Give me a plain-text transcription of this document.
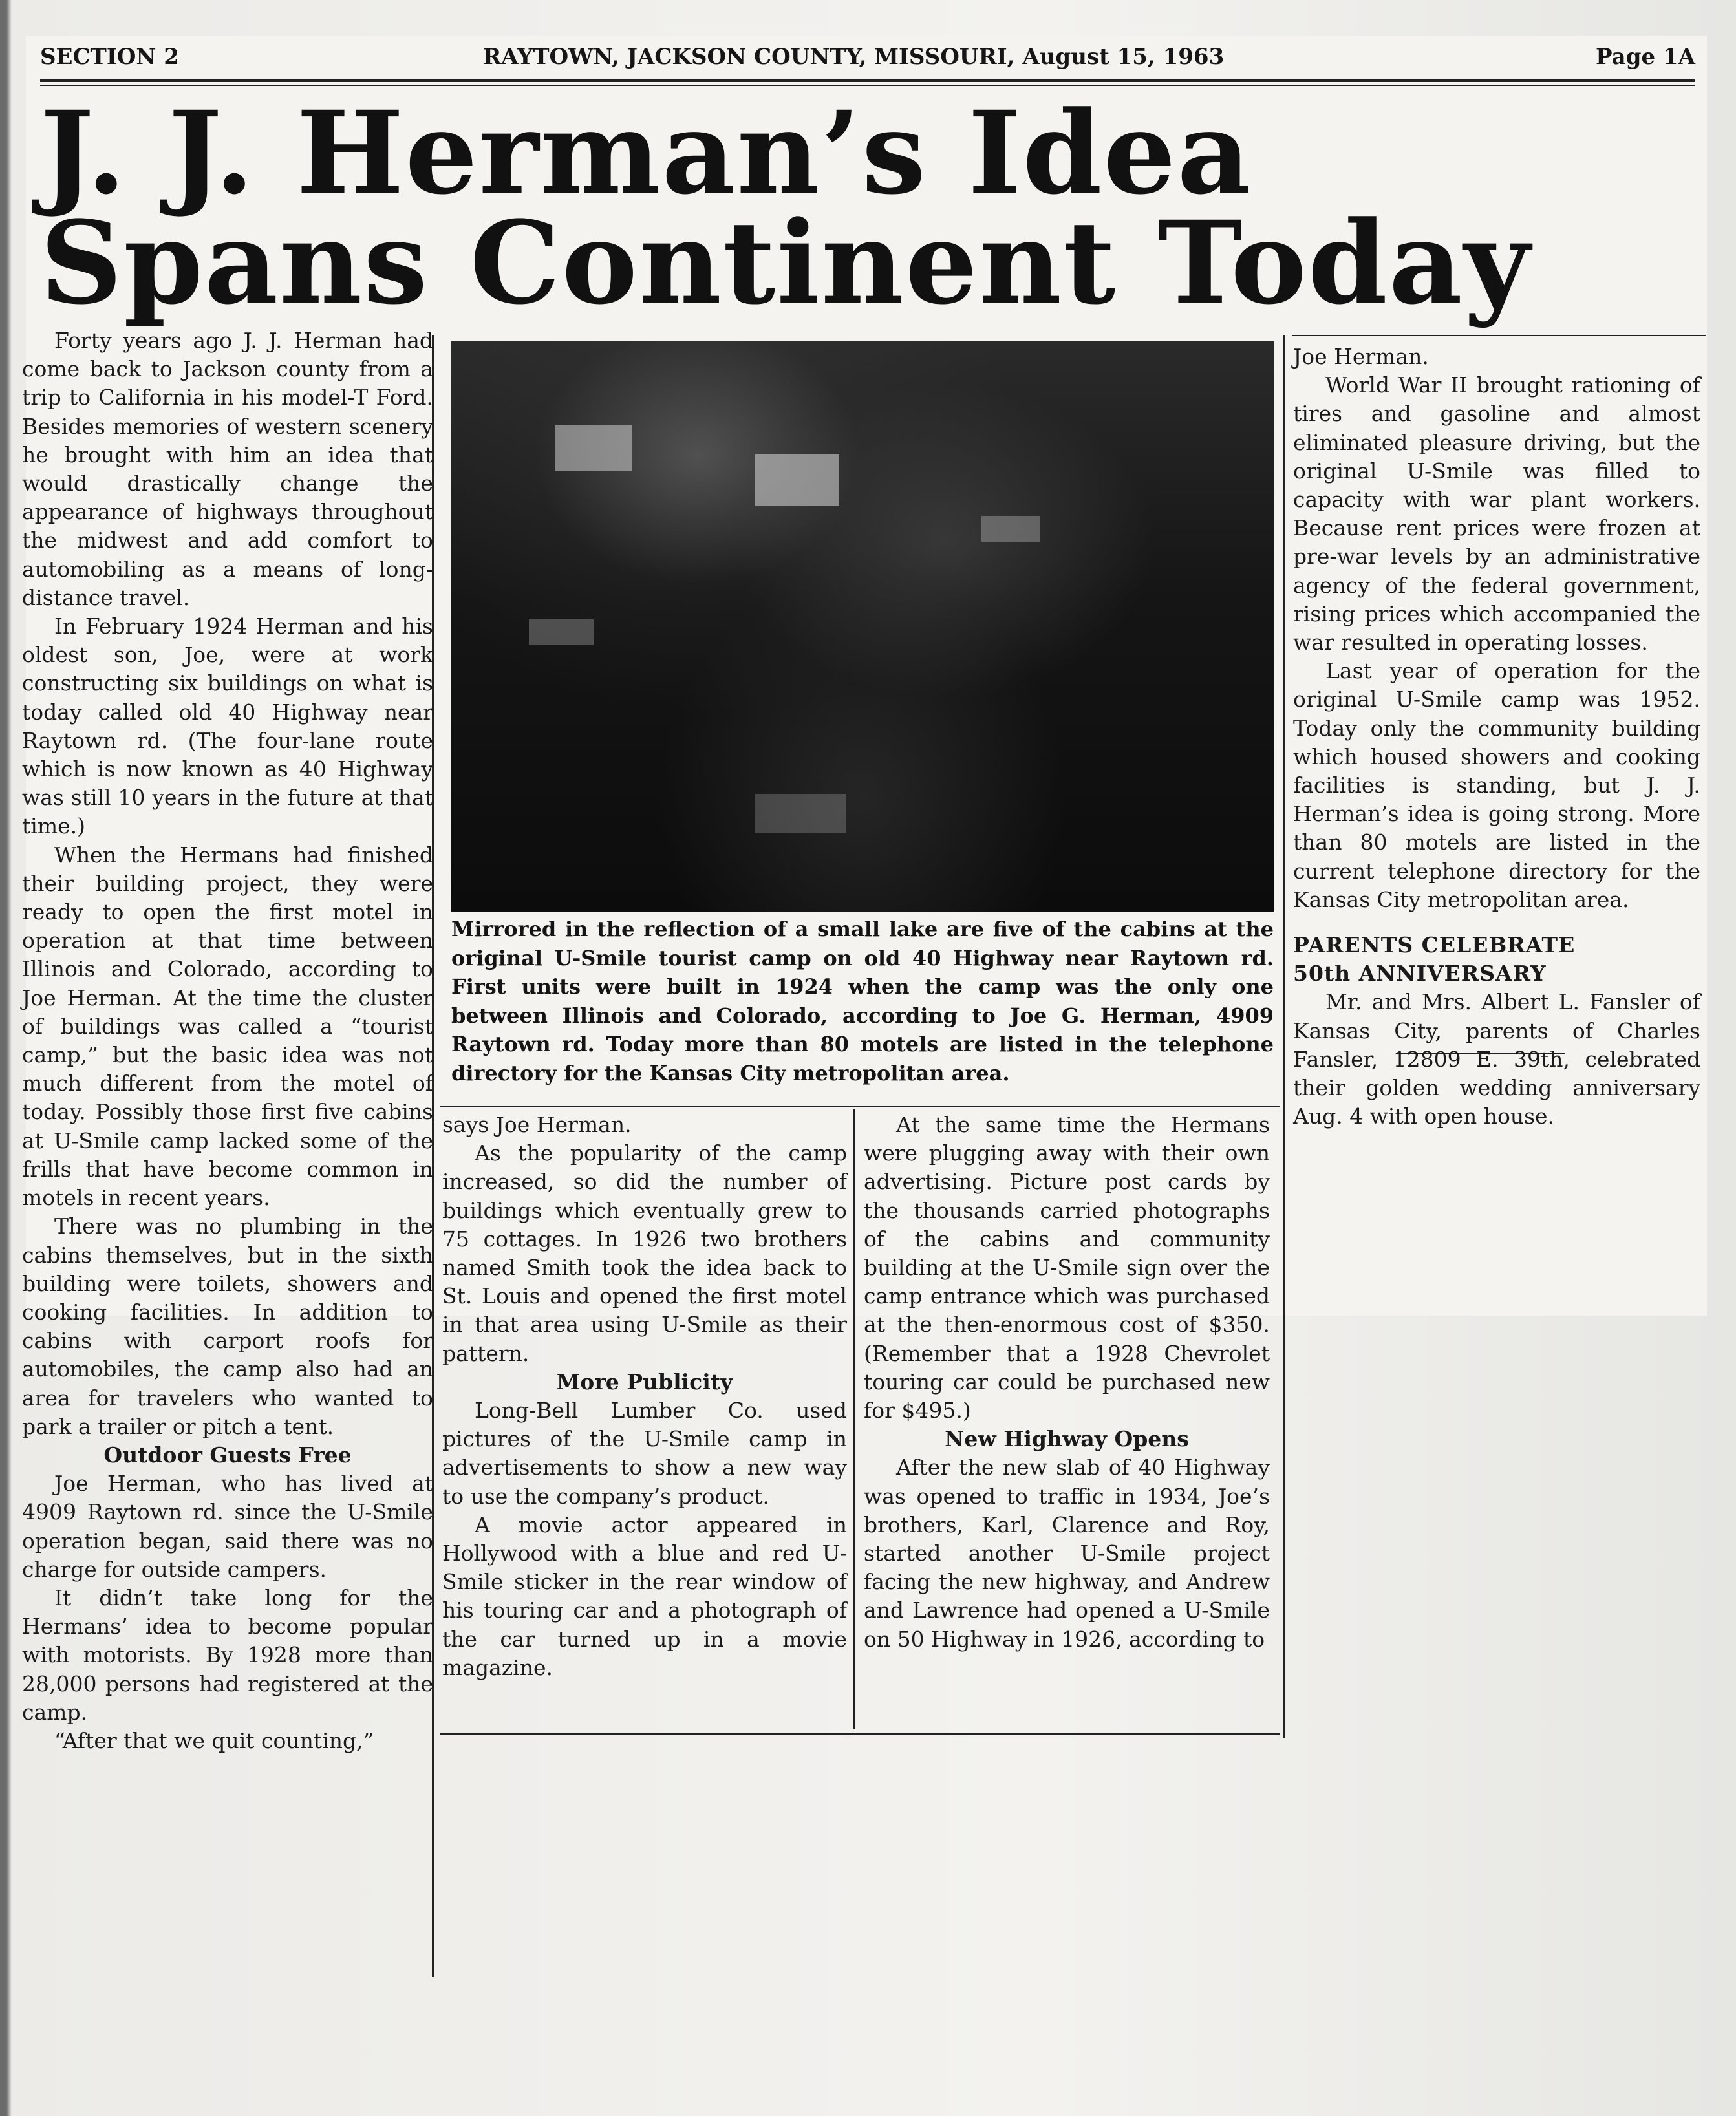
SECTION 2	RAYTOWN, JACKSON COUNTY, MISSOURI, August 15, 1963	Page 1A
J. J. Herman’s Idea
Spans Continent Today

Forty years ago J. J. Herman had come back to Jackson county from a trip to California in his model-T Ford. Besides memories of western scenery he brought with him an idea that would drastically change the appearance of highways throughout the midwest and add comfort to automobiling as a means of long-distance travel.

In February 1924 Herman and his oldest son, Joe, were at work constructing six buildings on what is today called old 40 Highway near Raytown rd. (The four-lane route which is now known as 40 Highway was still 10 years in the future at that time.)

When the Hermans had finished their building project, they were ready to open the first motel in operation at that time between Illinois and Colorado, according to Joe Herman. At the time the cluster of buildings was called a “tourist camp,” but the basic idea was not much different from the motel of today. Possibly those first five cabins at U-Smile camp lacked some of the frills that have become common in motels in recent years.

There was no plumbing in the cabins themselves, but in the sixth building were toilets, showers and cooking facilities. In addition to cabins with carport roofs for automobiles, the camp also had an area for travelers who wanted to park a trailer or pitch a tent.

Outdoor Guests Free

Joe Herman, who has lived at 4909 Raytown rd. since the U-Smile operation began, said there was no charge for outside campers.

It didn’t take long for the Hermans’ idea to become popular with motorists. By 1928 more than 28,000 persons had registered at the camp.

“After that we quit counting,”

Mirrored in the reflection of a small lake are five of the cabins at the original U-Smile tourist camp on old 40 Highway near Raytown rd. First units were built in 1924 when the camp was the only one between Illinois and Colorado, according to Joe G. Herman, 4909 Raytown rd. Today more than 80 motels are listed in the telephone directory for the Kansas City metropolitan area.

says Joe Herman.

As the popularity of the camp increased, so did the number of buildings which eventually grew to 75 cottages. In 1926 two brothers named Smith took the idea back to St. Louis and opened the first motel in that area using U-Smile as their pattern.

More Publicity

Long-Bell Lumber Co. used pictures of the U-Smile camp in advertisements to show a new way to use the company’s product.

A movie actor appeared in Hollywood with a blue and red U-Smile sticker in the rear window of his touring car and a photograph of the car turned up in a movie magazine.

At the same time the Hermans were plugging away with their own advertising. Picture post cards by the thousands carried photographs of the cabins and community building at the U-Smile sign over the camp entrance which was purchased at the then-enormous cost of $350. (Remember that a 1928 Chevrolet touring car could be purchased new for $495.)

New Highway Opens

After the new slab of 40 Highway was opened to traffic in 1934, Joe’s brothers, Karl, Clarence and Roy, started another U-Smile project facing the new highway, and Andrew and Lawrence had opened a U-Smile on 50 Highway in 1926, according to

Joe Herman.

World War II brought rationing of tires and gasoline and almost eliminated pleasure driving, but the original U-Smile was filled to capacity with war plant workers. Because rent prices were frozen at pre-war levels by an administrative agency of the federal government, rising prices which accompanied the war resulted in operating losses.

Last year of operation for the original U-Smile camp was 1952. Today only the community building which housed showers and cooking facilities is standing, but J. J. Herman’s idea is going strong. More than 80 motels are listed in the current telephone directory for the Kansas City metropolitan area.

PARENTS CELEBRATE

50th ANNIVERSARY

Mr. and Mrs. Albert L. Fansler of Kansas City, parents of Charles Fansler, 12809 E. 39th, celebrated their golden wedding anniversary Aug. 4 with open house.
